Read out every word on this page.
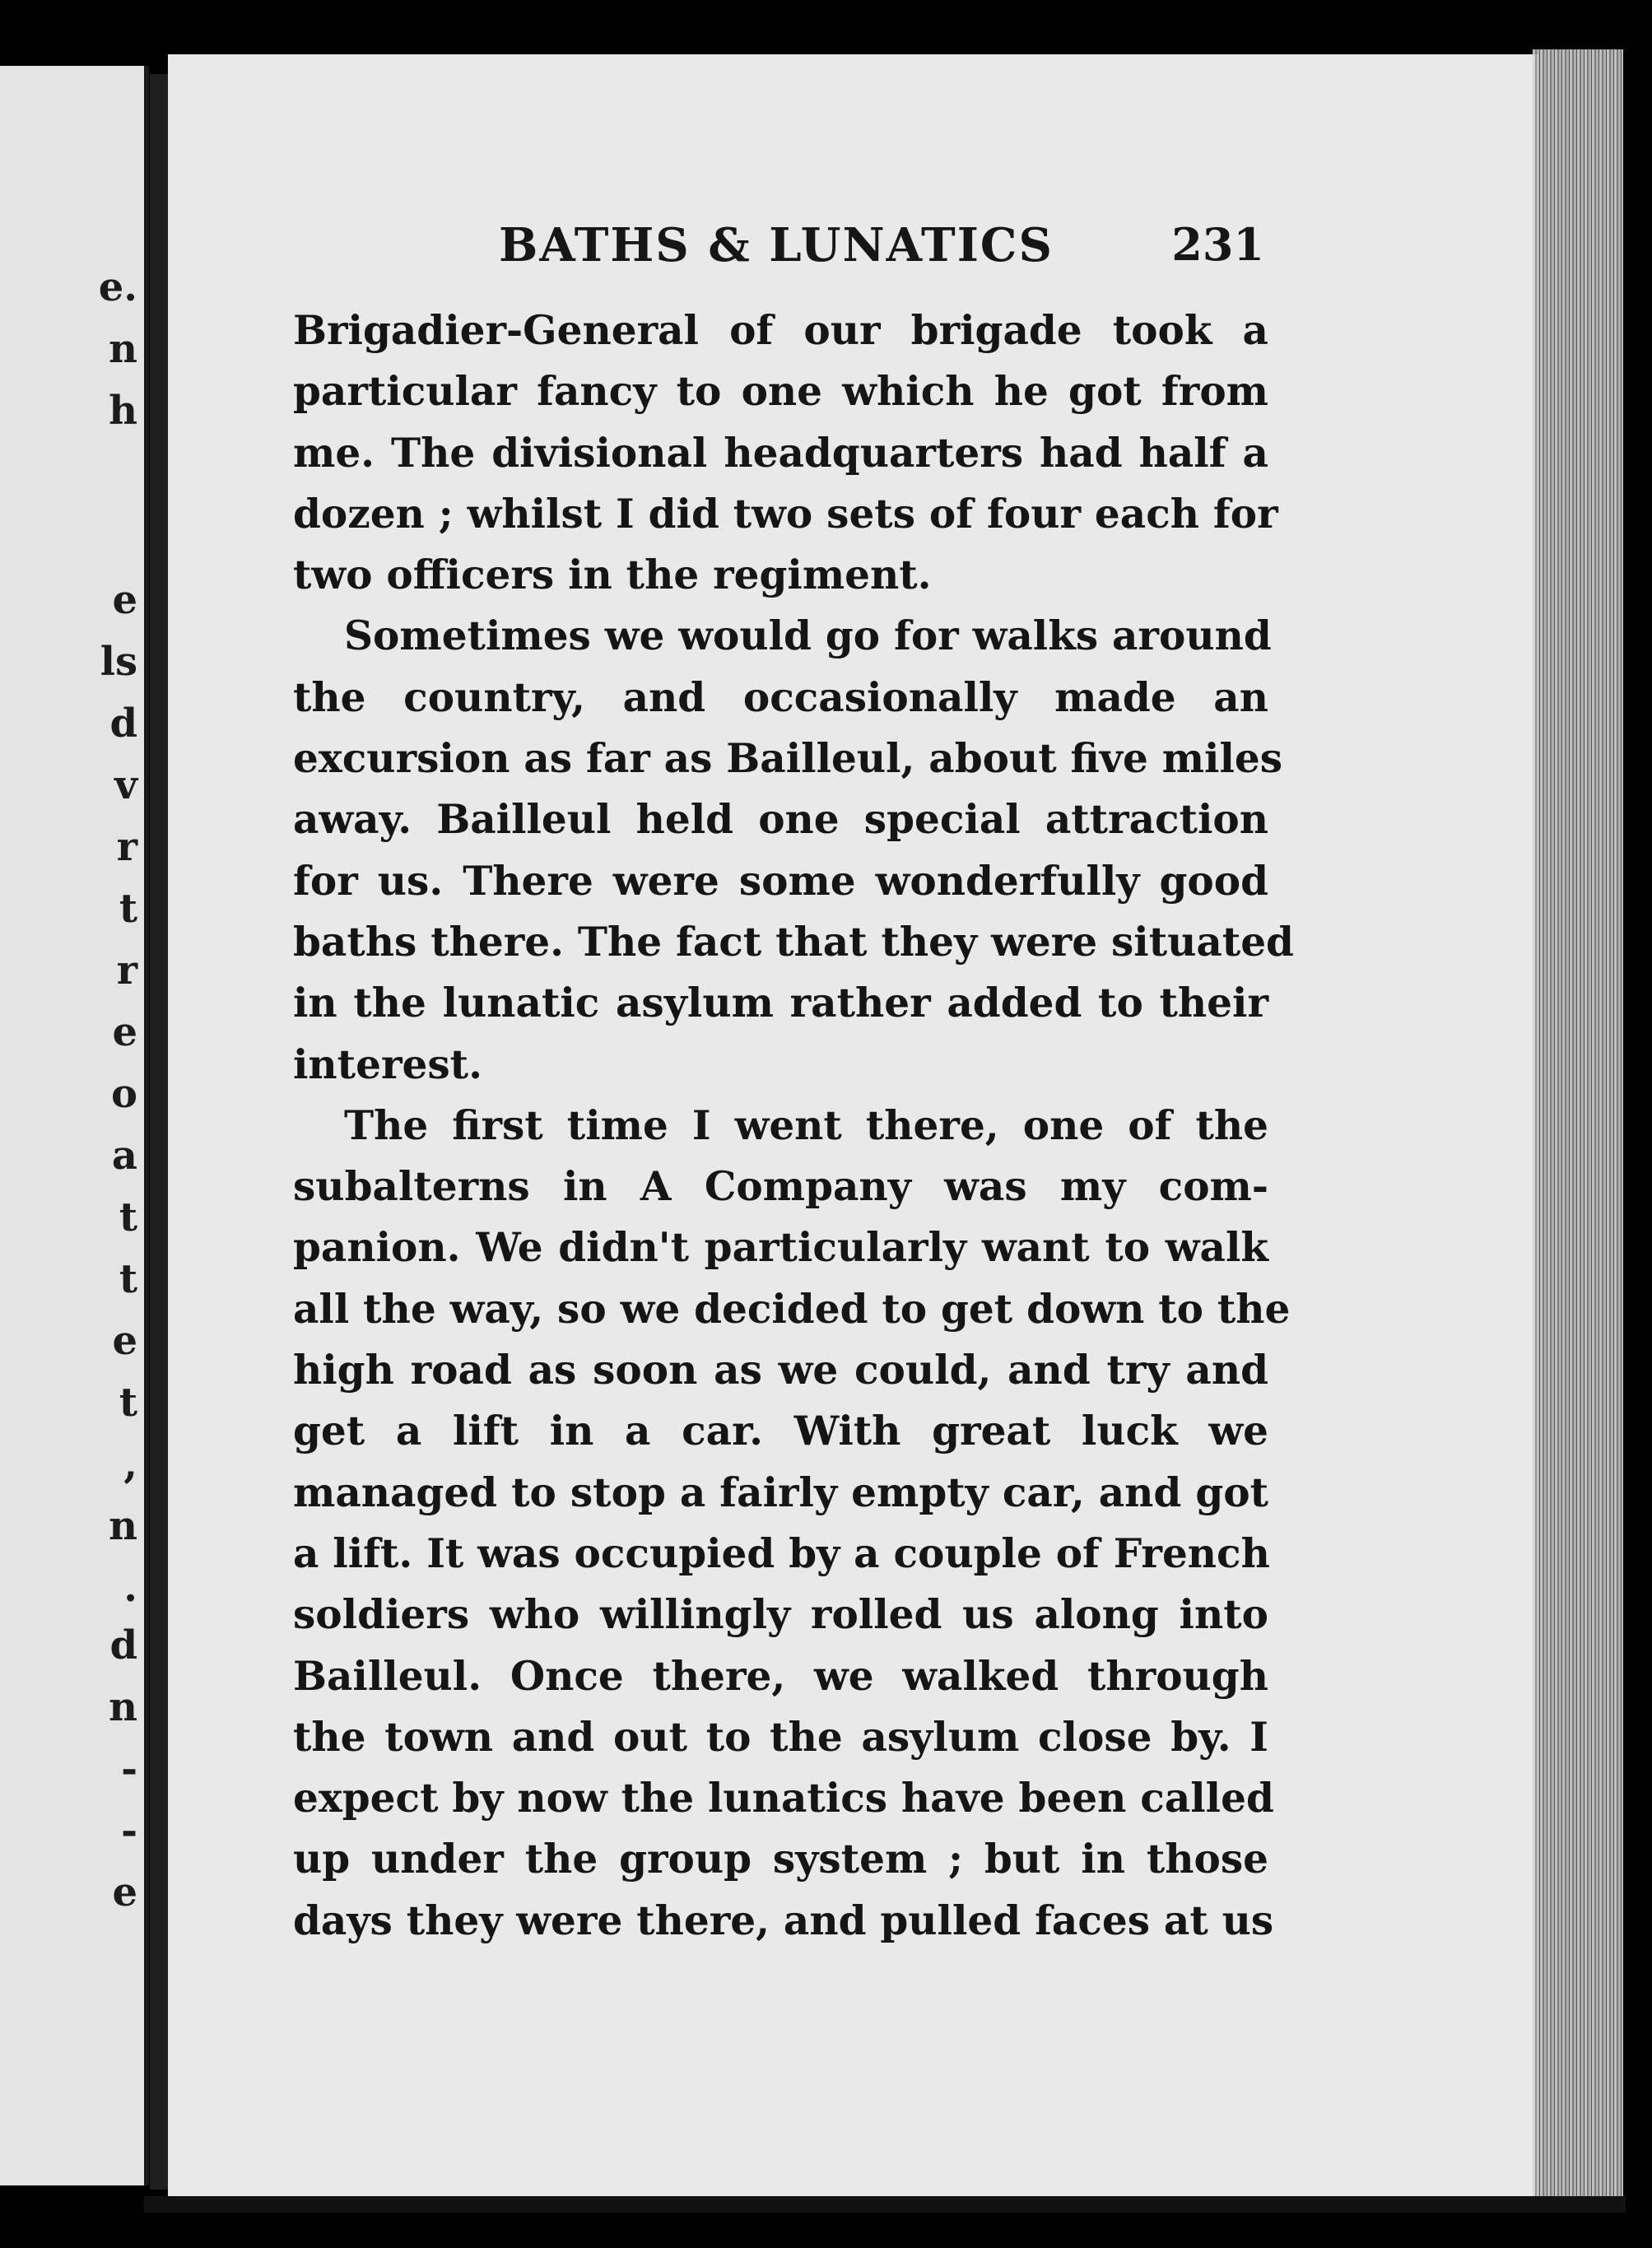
e.
n
h
e
ls
d
v
r
t
r
e
o
a
t
t
e
t
,
n
.
d
n
-
-
e
BATHS & LUNATICS	231
Brigadier-General of our brigade took a
particular fancy to one which he got from
me. The divisional headquarters had half a
dozen ; whilst I did two sets of four each for
two officers in the regiment.
Sometimes we would go for walks around
the country, and occasionally made an
excursion as far as Bailleul, about five miles
away. Bailleul held one special attraction
for us. There were some wonderfully good
baths there. The fact that they were situated
in the lunatic asylum rather added to their
interest.
The first time I went there, one of the
subalterns in A Company was my com-
panion. We didn't particularly want to walk
all the way, so we decided to get down to the
high road as soon as we could, and try and
get a lift in a car. With great luck we
managed to stop a fairly empty car, and got
a lift. It was occupied by a couple of French
soldiers who willingly rolled us along into
Bailleul. Once there, we walked through
the town and out to the asylum close by. I
expect by now the lunatics have been called
up under the group system ; but in those
days they were there, and pulled faces at us
